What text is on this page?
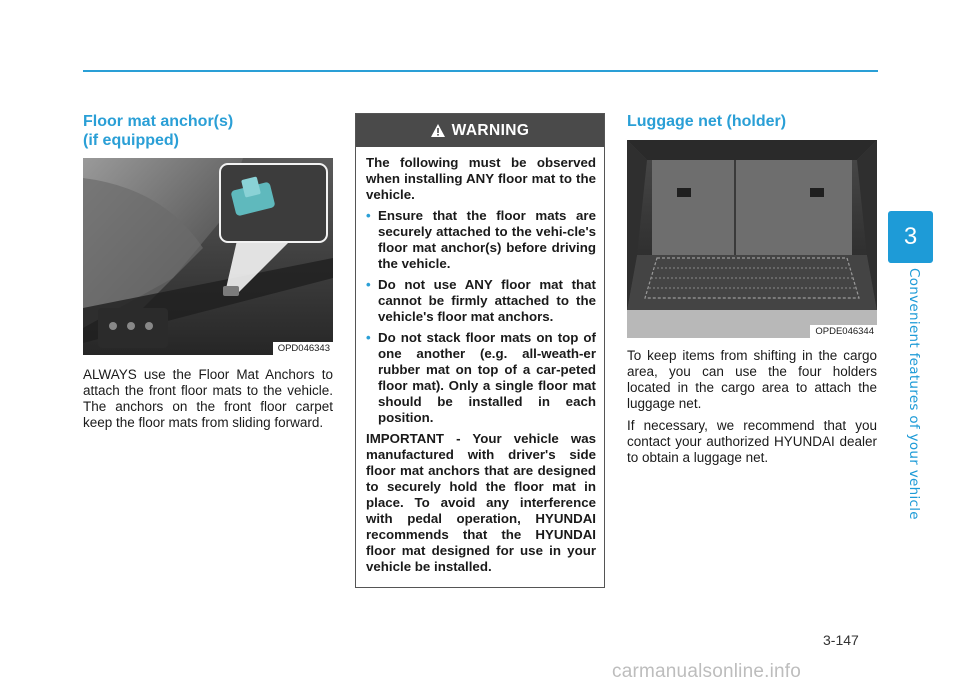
3
Convenient features of your vehicle
Floor mat anchor(s)
(if equipped)
OPD046343

ALWAYS use the Floor Mat Anchors to attach the front floor mats to the vehicle. The anchors on the front floor carpet keep the floor mats from sliding forward.

WARNING

The following must be observed when installing ANY floor mat to the vehicle.

• Ensure that the floor mats are securely attached to the vehi-cle's floor mat anchor(s) before driving the vehicle.
• Do not use ANY floor mat that cannot be firmly attached to the vehicle's floor mat anchors.
• Do not stack floor mats on top of one another (e.g. all-weath-er rubber mat on top of a car-peted floor mat). Only a single floor mat should be installed in each position.

IMPORTANT - Your vehicle was manufactured with driver's side floor mat anchors that are designed to securely hold the floor mat in place. To avoid any interference with pedal operation, HYUNDAI recommends that the HYUNDAI floor mat designed for use in your vehicle be installed.

Luggage net (holder)
OPDE046344

To keep items from shifting in the cargo area, you can use the four holders located in the cargo area to attach the luggage net.

If necessary, we recommend that you contact your authorized HYUNDAI dealer to obtain a luggage net.

3-147
carmanualsonline.info
